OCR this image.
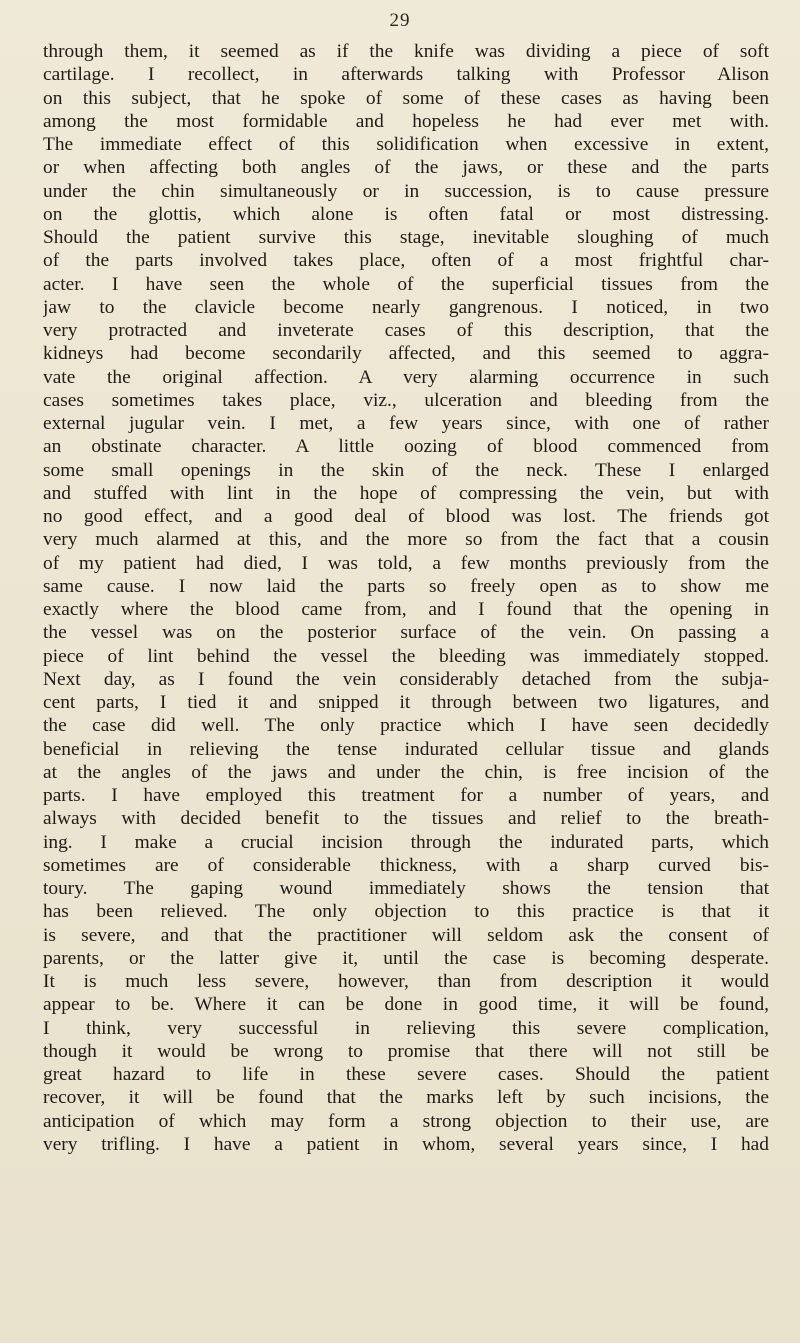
29
through them, it seemed as if the knife was dividing a piece of soft
cartilage. I recollect, in afterwards talking with Professor Alison
on this subject, that he spoke of some of these cases as having been
among the most formidable and hopeless he had ever met with.
The immediate effect of this solidification when excessive in extent,
or when affecting both angles of the jaws, or these and the parts
under the chin simultaneously or in succession, is to cause pressure
on the glottis, which alone is often fatal or most distressing.
Should the patient survive this stage, inevitable sloughing of much
of the parts involved takes place, often of a most frightful char-
acter. I have seen the whole of the superficial tissues from the
jaw to the clavicle become nearly gangrenous. I noticed, in two
very protracted and inveterate cases of this description, that the
kidneys had become secondarily affected, and this seemed to aggra-
vate the original affection. A very alarming occurrence in such
cases sometimes takes place, viz., ulceration and bleeding from the
external jugular vein. I met, a few years since, with one of rather
an obstinate character. A little oozing of blood commenced from
some small openings in the skin of the neck. These I enlarged
and stuffed with lint in the hope of compressing the vein, but with
no good effect, and a good deal of blood was lost. The friends got
very much alarmed at this, and the more so from the fact that a cousin
of my patient had died, I was told, a few months previously from the
same cause. I now laid the parts so freely open as to show me
exactly where the blood came from, and I found that the opening in
the vessel was on the posterior surface of the vein. On passing a
piece of lint behind the vessel the bleeding was immediately stopped.
Next day, as I found the vein considerably detached from the subja-
cent parts, I tied it and snipped it through between two ligatures, and
the case did well. The only practice which I have seen decidedly
beneficial in relieving the tense indurated cellular tissue and glands
at the angles of the jaws and under the chin, is free incision of the
parts. I have employed this treatment for a number of years, and
always with decided benefit to the tissues and relief to the breath-
ing. I make a crucial incision through the indurated parts, which
sometimes are of considerable thickness, with a sharp curved bis-
toury. The gaping wound immediately shows the tension that
has been relieved. The only objection to this practice is that it
is severe, and that the practitioner will seldom ask the consent of
parents, or the latter give it, until the case is becoming desperate.
It is much less severe, however, than from description it would
appear to be. Where it can be done in good time, it will be found,
I think, very successful in relieving this severe complication,
though it would be wrong to promise that there will not still be
great hazard to life in these severe cases. Should the patient
recover, it will be found that the marks left by such incisions, the
anticipation of which may form a strong objection to their use, are
very trifling. I have a patient in whom, several years since, I had
